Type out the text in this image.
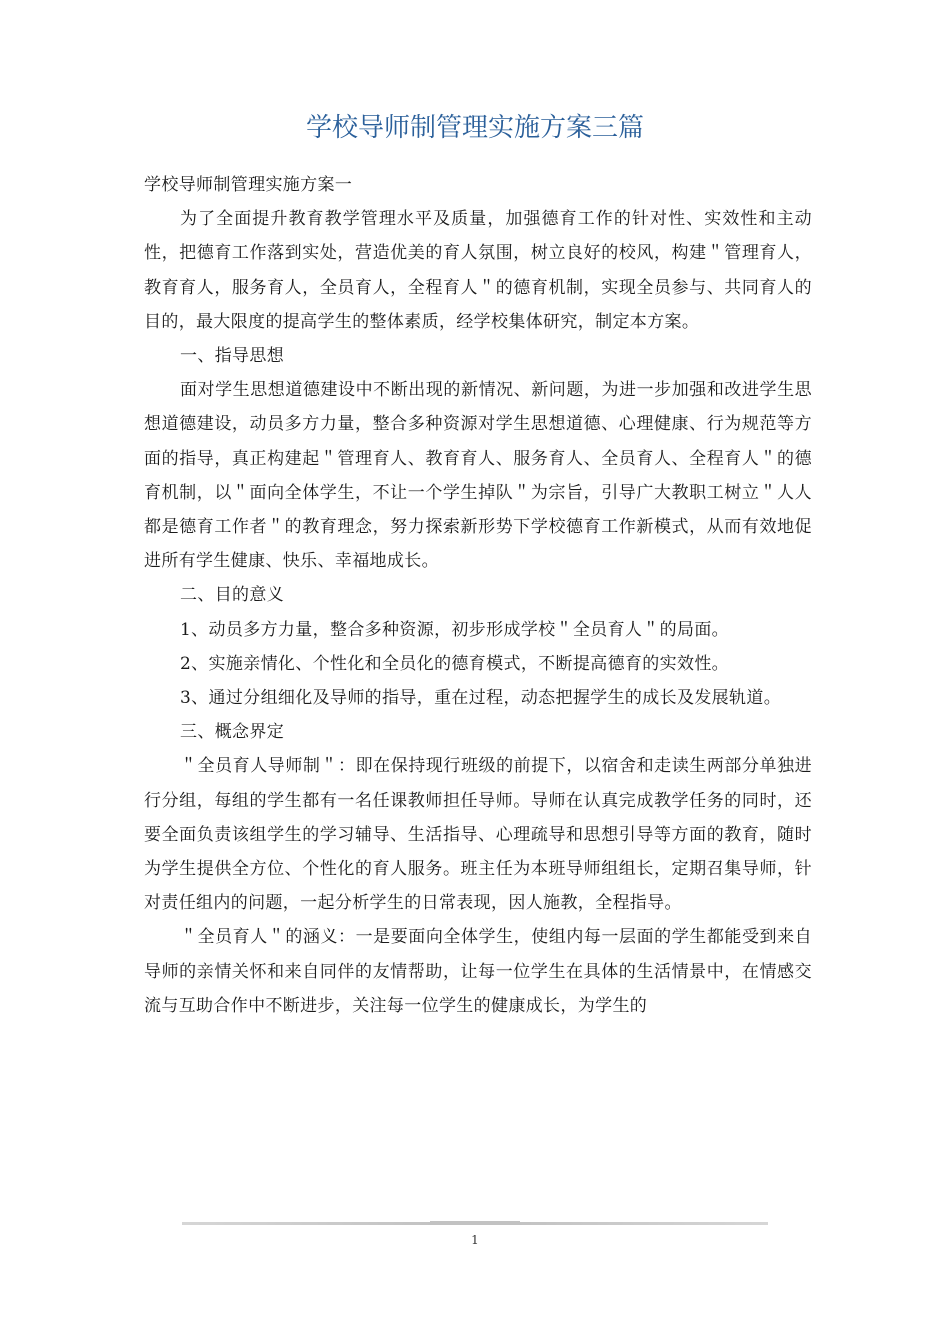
学校导师制管理实施方案三篇

学校导师制管理实施方案一

为了全面提升教育教学管理水平及质量，加强德育工作的针对性、实效性和主动性，把德育工作落到实处，营造优美的育人氛围，树立良好的校风，构建＂管理育人，教育育人，服务育人，全员育人，全程育人＂的德育机制，实现全员参与、共同育人的目的，最大限度的提高学生的整体素质，经学校集体研究，制定本方案。

一、指导思想

面对学生思想道德建设中不断出现的新情况、新问题，为进一步加强和改进学生思想道德建设，动员多方力量，整合多种资源对学生思想道德、心理健康、行为规范等方面的指导，真正构建起＂管理育人、教育育人、服务育人、全员育人、全程育人＂的德育机制，以＂面向全体学生，不让一个学生掉队＂为宗旨，引导广大教职工树立＂人人都是德育工作者＂的教育理念，努力探索新形势下学校德育工作新模式，从而有效地促进所有学生健康、快乐、幸福地成长。

二、目的意义

1、动员多方力量，整合多种资源，初步形成学校＂全员育人＂的局面。

2、实施亲情化、个性化和全员化的德育模式，不断提高德育的实效性。

3、通过分组细化及导师的指导，重在过程，动态把握学生的成长及发展轨道。

三、概念界定

＂全员育人导师制＂：即在保持现行班级的前提下，以宿舍和走读生两部分单独进行分组，每组的学生都有一名任课教师担任导师。导师在认真完成教学任务的同时，还要全面负责该组学生的学习辅导、生活指导、心理疏导和思想引导等方面的教育，随时为学生提供全方位、个性化的育人服务。班主任为本班导师组组长，定期召集导师，针对责任组内的问题，一起分析学生的日常表现，因人施教，全程指导。

＂全员育人＂的涵义：一是要面向全体学生，使组内每一层面的学生都能受到来自导师的亲情关怀和来自同伴的友情帮助，让每一位学生在具体的生活情景中，在情感交流与互助合作中不断进步，关注每一位学生的健康成长，为学生的

1
